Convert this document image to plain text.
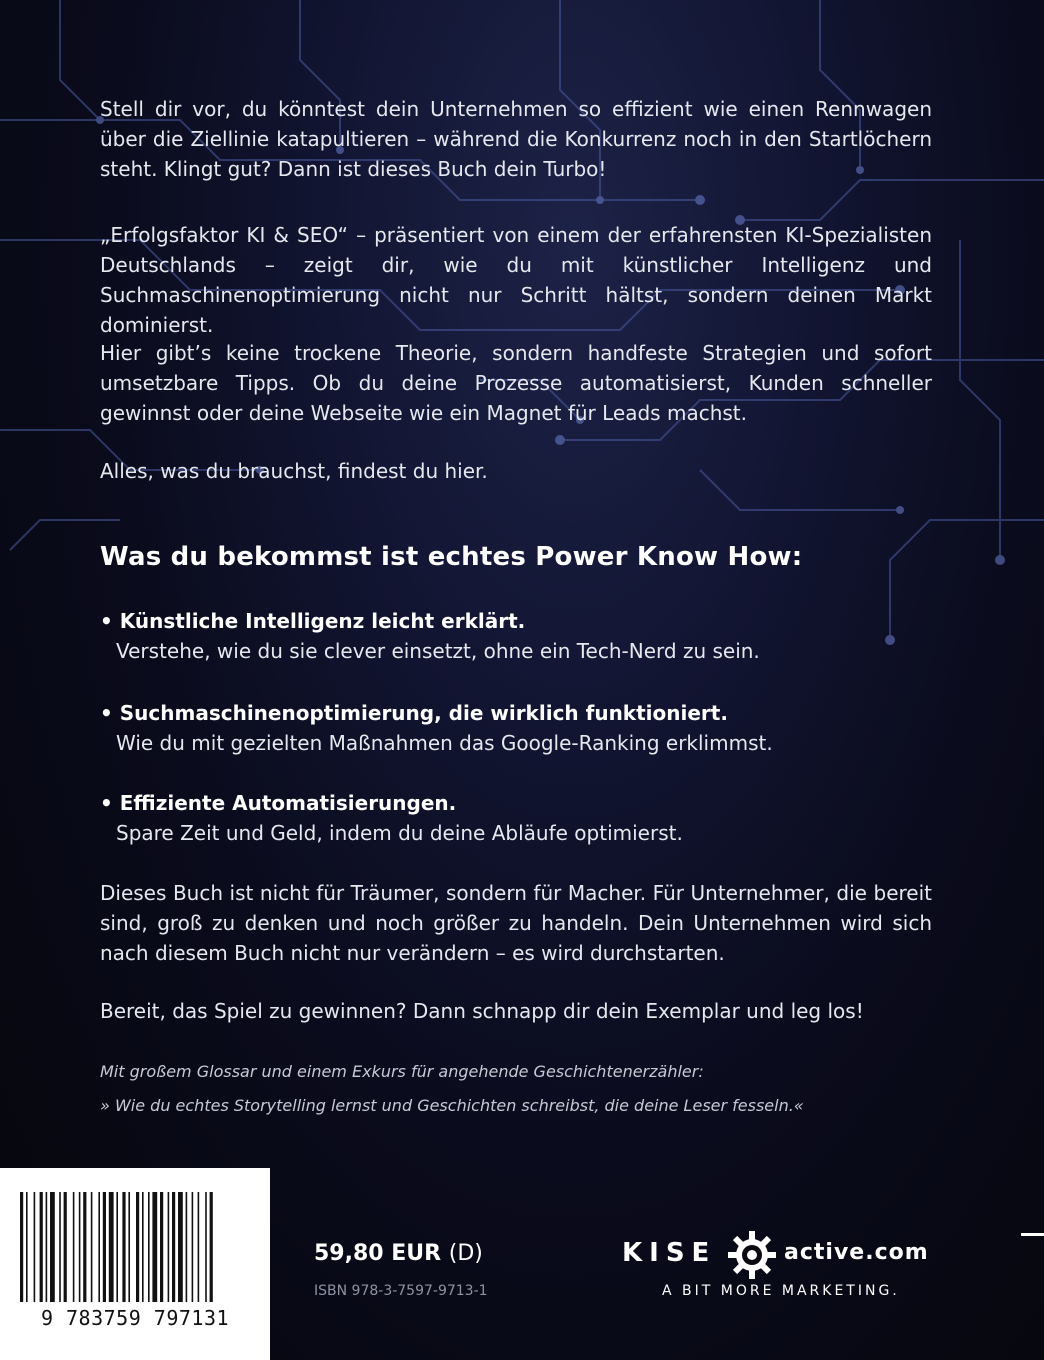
Stell dir vor, du könntest dein Unternehmen so effizient wie einen Rennwagen über die Ziellinie katapultieren – während die Konkurrenz noch in den Startlöchern steht. Klingt gut? Dann ist dieses Buch dein Turbo!

„Erfolgsfaktor KI & SEO“ – präsentiert von einem der erfahrensten KI-Spezialisten Deutschlands – zeigt dir, wie du mit künstlicher Intelligenz und Suchmaschinenoptimierung nicht nur Schritt hältst, sondern deinen Markt dominierst.

Hier gibt’s keine trockene Theorie, sondern handfeste Strategien und sofort umsetzbare Tipps. Ob du deine Prozesse automatisierst, Kunden schneller gewinnst oder deine Webseite wie ein Magnet für Leads machst.

Alles, was du brauchst, findest du hier.

Was du bekommst ist echtes Power Know How:
• Künstliche Intelligenz leicht erklärt.
Verstehe, wie du sie clever einsetzt, ohne ein Tech-Nerd zu sein.
• Suchmaschinenoptimierung, die wirklich funktioniert.
Wie du mit gezielten Maßnahmen das Google-Ranking erklimmst.
• Effiziente Automatisierungen.
Spare Zeit und Geld, indem du deine Abläufe optimierst.

Dieses Buch ist nicht für Träumer, sondern für Macher. Für Unternehmer, die bereit sind, groß zu denken und noch größer zu handeln. Dein Unternehmen wird sich nach diesem Buch nicht nur verändern – es wird durchstarten.

Bereit, das Spiel zu gewinnen? Dann schnapp dir dein Exemplar und leg los!

Mit großem Glossar und einem Exkurs für angehende Geschichtenerzähler:
» Wie du echtes Storytelling lernst und Geschichten schreibst, die deine Leser fesseln.«
9 783759 797131
59,80 EUR (D)
ISBN 978-3-7597-9713-1
KISE	active.com
A BIT MORE MARKETING.
